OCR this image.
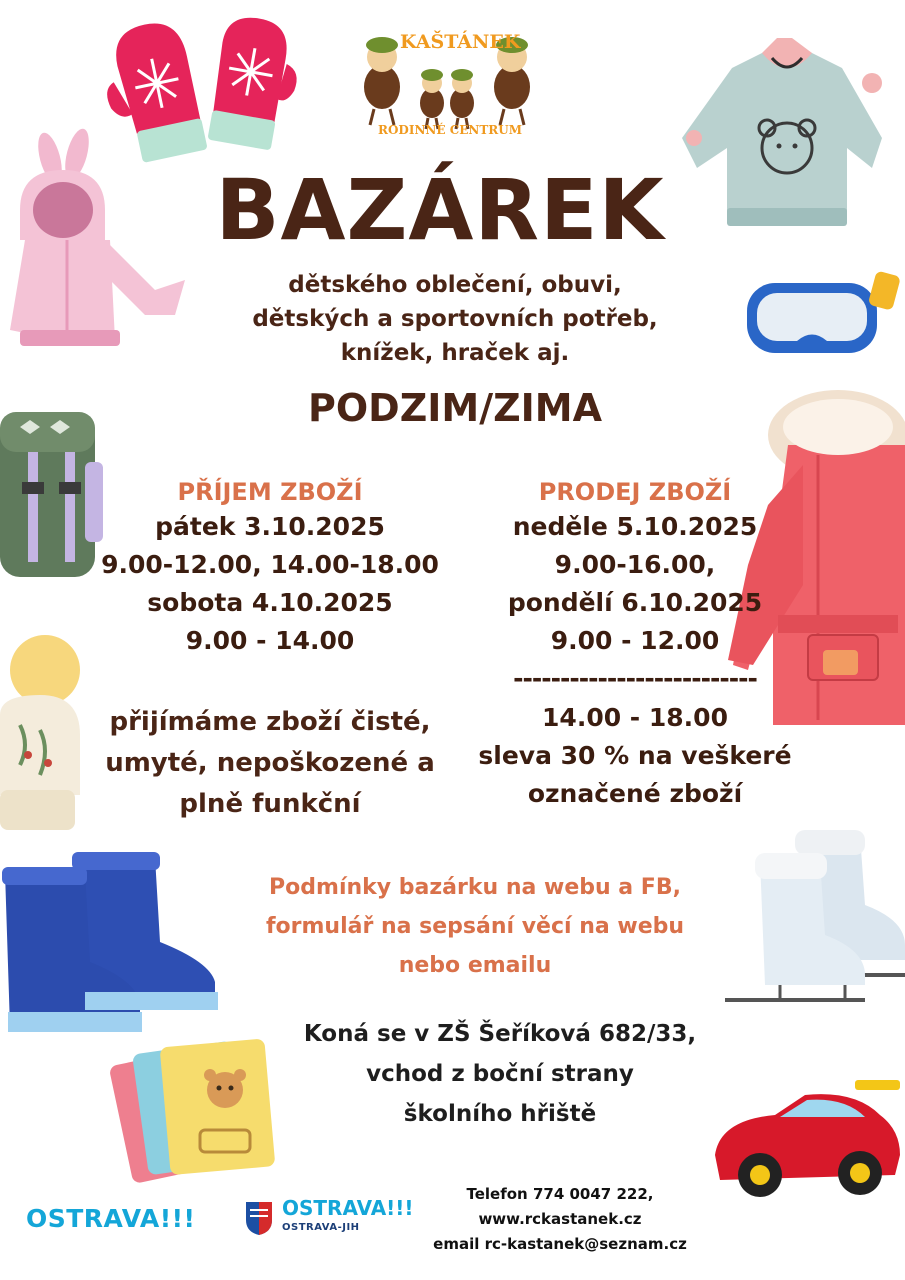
KAŠTÁNEK
RODINNÉ CENTRUM
BAZÁREK
dětského oblečení, obuvi,
dětských a sportovních potřeb,
knížek, hraček aj.
PODZIM/ZIMA
PŘÍJEM ZBOŽÍ
pátek 3.10.2025
9.00-12.00, 14.00-18.00
sobota 4.10.2025
9.00 - 14.00
PRODEJ ZBOŽÍ
neděle 5.10.2025
9.00-16.00,
pondělí 6.10.2025
9.00 - 12.00
--------------------------
14.00 - 18.00
sleva 30 % na veškeré
označené zboží
přijímáme zboží čisté,
umyté, nepoškozené a
plně funkční
Podmínky bazárku na webu a FB,
formulář na sepsání věcí na webu
nebo emailu
Koná se v ZŠ Šeříková 682/33,
vchod z boční strany
školního hřiště
OSTRAVA!!!	OSTRAVA!!!
OSTRAVA-JIH
Telefon 774 0047 222,
www.rckastanek.cz
email rc-kastanek@seznam.cz
